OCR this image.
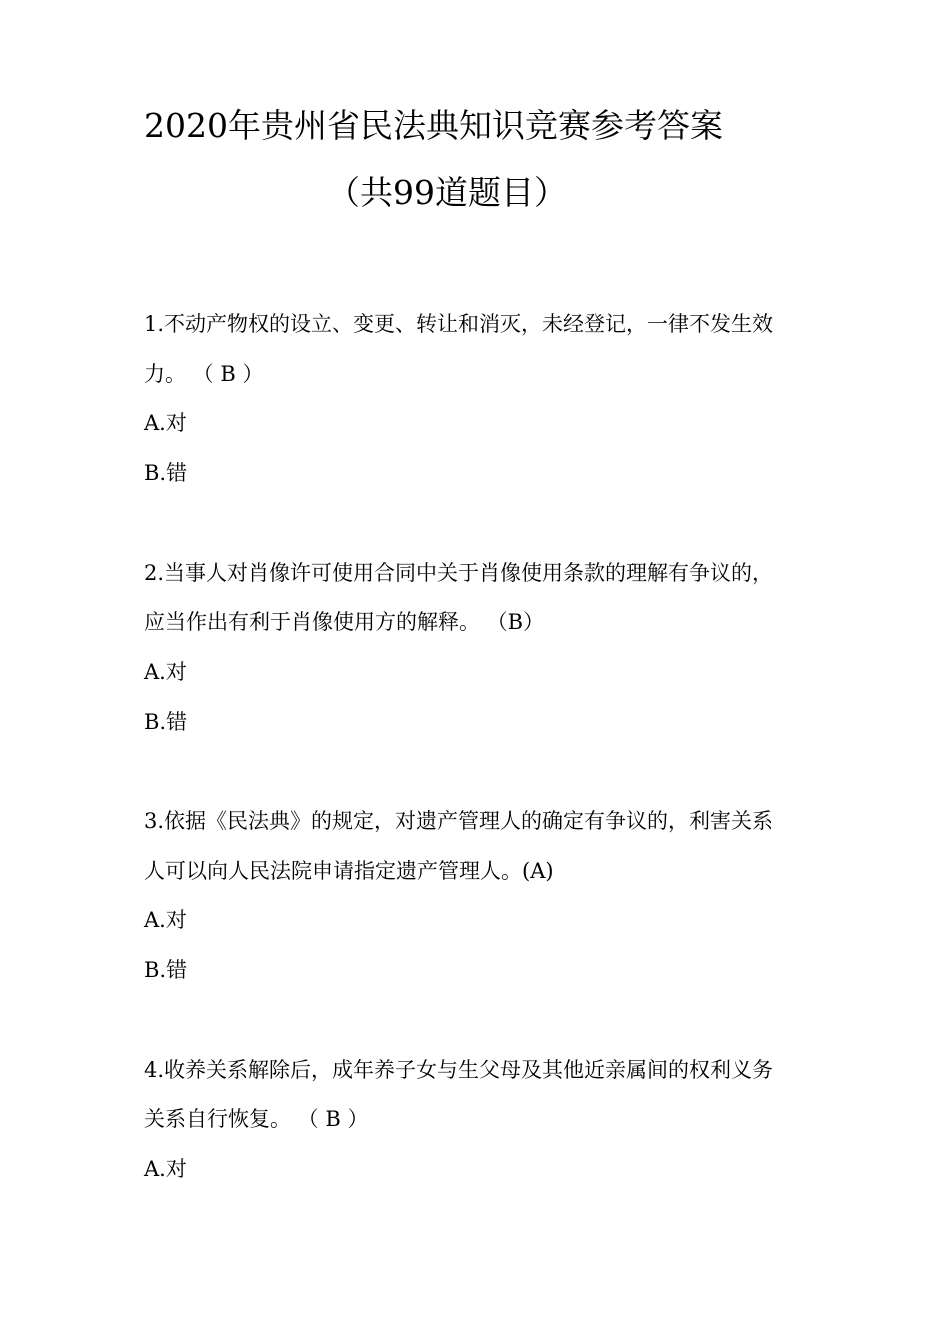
2020年贵州省民法典知识竞赛参考答案
（共99道题目）
1.不动产物权的设立、变更、转让和消灭，未经登记，一律不发生效
力。 （ B ）
A.对
B.错
2.当事人对肖像许可使用合同中关于肖像使用条款的理解有争议的，
应当作出有利于肖像使用方的解释。 （B）
A.对
B.错
3.依据《民法典》的规定，对遗产管理人的确定有争议的，利害关系
人可以向人民法院申请指定遗产管理人。(A)
A.对
B.错
4.收养关系解除后，成年养子女与生父母及其他近亲属间的权利义务
关系自行恢复。 （ B ）
A.对
